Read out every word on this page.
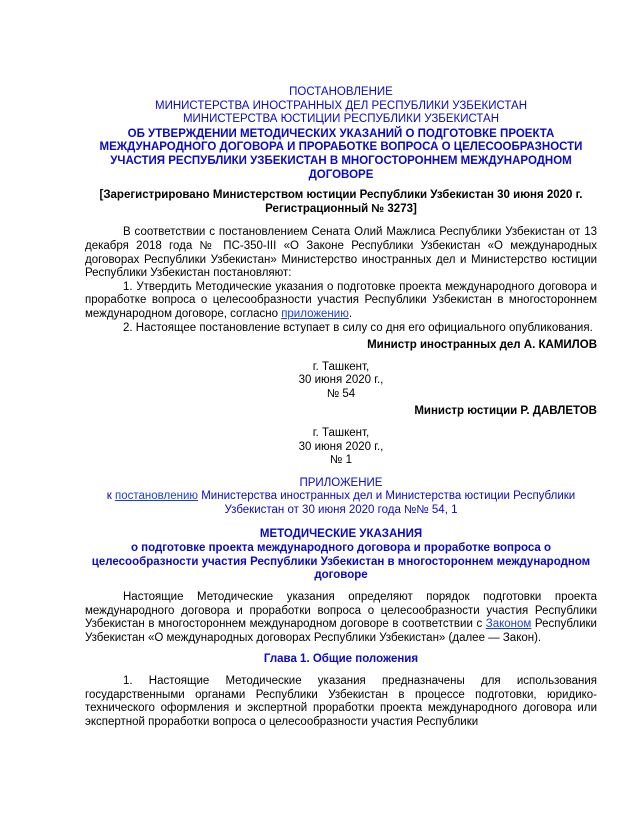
ПОСТАНОВЛЕНИЕ
МИНИСТЕРСТВА ИНОСТРАННЫХ ДЕЛ РЕСПУБЛИКИ УЗБЕКИСТАН
МИНИСТЕРСТВА ЮСТИЦИИ РЕСПУБЛИКИ УЗБЕКИСТАН
ОБ УТВЕРЖДЕНИИ МЕТОДИЧЕСКИХ УКАЗАНИЙ О ПОДГОТОВКЕ ПРОЕКТА МЕЖДУНАРОДНОГО ДОГОВОРА И ПРОРАБОТКЕ ВОПРОСА О ЦЕЛЕСООБРАЗНОСТИ УЧАСТИЯ РЕСПУБЛИКИ УЗБЕКИСТАН В МНОГОСТОРОННЕМ МЕЖДУНАРОДНОМ ДОГОВОРЕ
[Зарегистрировано Министерством юстиции Республики Узбекистан 30 июня 2020 г. Регистрационный № 3273]

В соответствии с постановлением Сената Олий Мажлиса Республики Узбекистан от 13 декабря 2018 года № ПС-350-III «О Законе Республики Узбекистан «О международных договорах Республики Узбекистан» Министерство иностранных дел и Министерство юстиции Республики Узбекистан постановляют:

1. Утвердить Методические указания о подготовке проекта международного договора и проработке вопроса о целесообразности участия Республики Узбекистан в многостороннем международном договоре, согласно приложению.

2. Настоящее постановление вступает в силу со дня его официального опубликования.

Министр иностранных дел А. КАМИЛОВ
г. Ташкент,
30 июня 2020 г.,
№ 54
Министр юстиции Р. ДАВЛЕТОВ
г. Ташкент,
30 июня 2020 г.,
№ 1
ПРИЛОЖЕНИЕ
к постановлению Министерства иностранных дел и Министерства юстиции Республики Узбекистан от 30 июня 2020 года №№ 54, 1
МЕТОДИЧЕСКИЕ УКАЗАНИЯ
о подготовке проекта международного договора и проработке вопроса о целесообразности участия Республики Узбекистан в многостороннем международном договоре

Настоящие Методические указания определяют порядок подготовки проекта международного договора и проработки вопроса о целесообразности участия Республики Узбекистан в многостороннем международном договоре в соответствии с Законом Республики Узбекистан «О международных договорах Республики Узбекистан» (далее — Закон).

Глава 1. Общие положения

1. Настоящие Методические указания предназначены для использования государственными органами Республики Узбекистан в процессе подготовки, юридико-технического оформления и экспертной проработки проекта международного договора или экспертной проработки вопроса о целесообразности участия Республики
